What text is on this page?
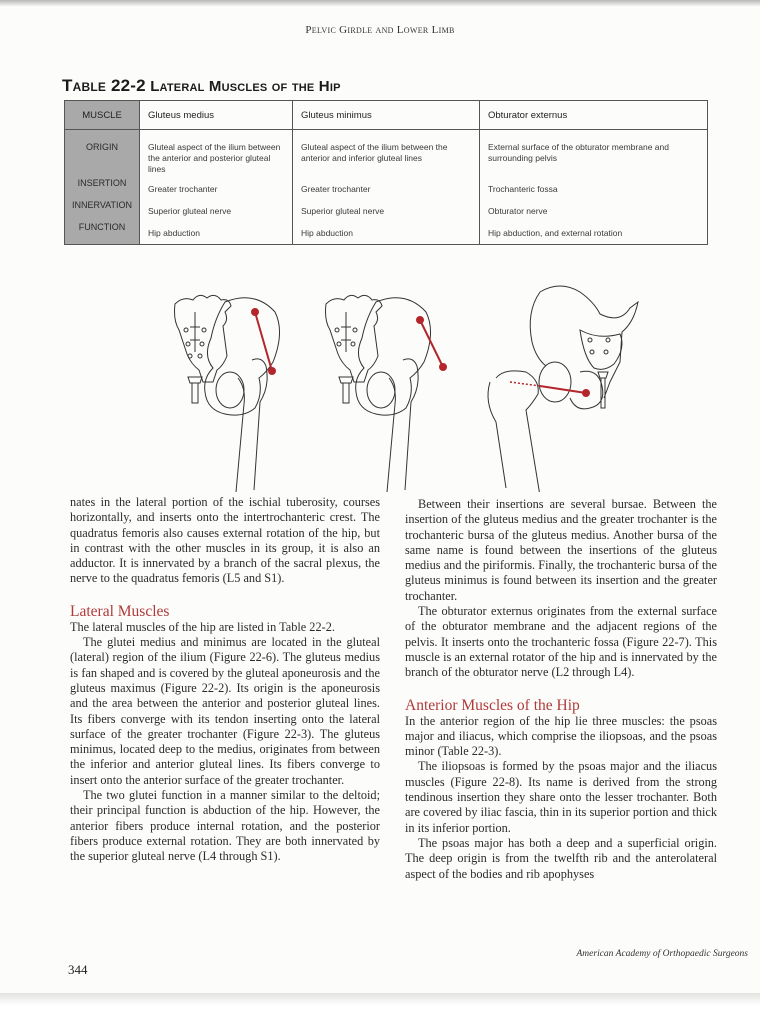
Pelvic Girdle and Lower Limb
Table 22-2 Lateral Muscles of the Hip
MUSCLE	Gluteus medius	Gluteus minimus	Obturator externus
ORIGIN	Gluteal aspect of the ilium between the anterior and posterior gluteal lines	Gluteal aspect of the ilium between the anterior and inferior gluteal lines	External surface of the obturator membrane and surrounding pelvis
INSERTION	Greater trochanter	Greater trochanter	Trochanteric fossa
INNERVATION	Superior gluteal nerve	Superior gluteal nerve	Obturator nerve
FUNCTION	Hip abduction	Hip abduction	Hip abduction, and external rotation

nates in the lateral portion of the ischial tuberosity, courses horizontally, and inserts onto the intertrochanteric crest. The quadratus femoris also causes external rotation of the hip, but in contrast with the other muscles in its group, it is also an adductor. It is innervated by a branch of the sacral plexus, the nerve to the quadratus femoris (L5 and S1).

Lateral Muscles

The lateral muscles of the hip are listed in Table 22-2.

The glutei medius and minimus are located in the gluteal (lateral) region of the ilium (Figure 22-6). The gluteus medius is fan shaped and is covered by the gluteal aponeurosis and the gluteus maximus (Figure 22-2). Its origin is the aponeurosis and the area between the anterior and posterior gluteal lines. Its fibers converge with its tendon inserting onto the lateral surface of the greater trochanter (Figure 22-3). The gluteus minimus, located deep to the medius, originates from between the inferior and anterior gluteal lines. Its fibers converge to insert onto the anterior surface of the greater trochanter.

The two glutei function in a manner similar to the deltoid; their principal function is abduction of the hip. However, the anterior fibers produce internal rotation, and the posterior fibers produce external rotation. They are both innervated by the superior gluteal nerve (L4 through S1).

Between their insertions are several bursae. Between the insertion of the gluteus medius and the greater trochanter is the trochanteric bursa of the gluteus medius. Another bursa of the same name is found between the insertions of the gluteus medius and the piriformis. Finally, the trochanteric bursa of the gluteus minimus is found between its insertion and the greater trochanter.

The obturator externus originates from the external surface of the obturator membrane and the adjacent regions of the pelvis. It inserts onto the trochanteric fossa (Figure 22-7). This muscle is an external rotator of the hip and is innervated by the branch of the obturator nerve (L2 through L4).

Anterior Muscles of the Hip

In the anterior region of the hip lie three muscles: the psoas major and iliacus, which comprise the iliopsoas, and the psoas minor (Table 22-3).

The iliopsoas is formed by the psoas major and the iliacus muscles (Figure 22-8). Its name is derived from the strong tendinous insertion they share onto the lesser trochanter. Both are covered by iliac fascia, thin in its superior portion and thick in its inferior portion.

The psoas major has both a deep and a superficial origin. The deep origin is from the twelfth rib and the anterolateral aspect of the bodies and rib apophyses

American Academy of Orthopaedic Surgeons
344
